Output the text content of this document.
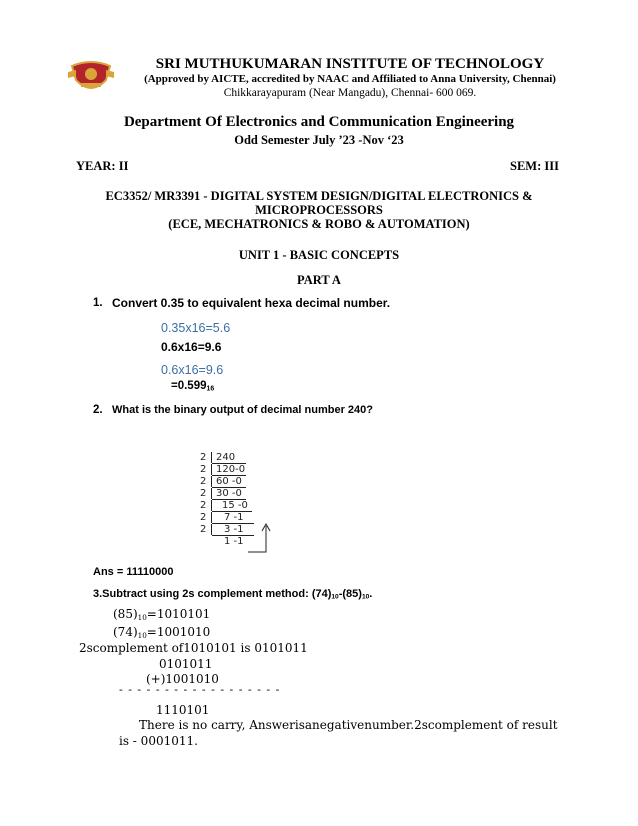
SRI MUTHUKUMARAN INSTITUTE OF TECHNOLOGY

(Approved by AICTE, accredited by NAAC and Affiliated to Anna University, Chennai)

Chikkarayapuram (Near Mangadu), Chennai- 600 069.

Department Of Electronics and Communication Engineering

Odd Semester July ’23 -Nov ‘23

YEAR: II	SEM: III

EC3352/ MR3391 - DIGITAL SYSTEM DESIGN/DIGITAL ELECTRONICS &

MICROPROCESSORS

(ECE, MECHATRONICS & ROBO & AUTOMATION)

UNIT 1 - BASIC CONCEPTS

PART A

1. Convert 0.35 to equivalent hexa decimal number.

0.35x16=5.6

0.6x16=9.6

0.6x16=9.6

$=0.599_{16}$

2. What is the binary output of decimal number 240?

2 240
2 120-0
2 60 -0
2 30 -0
2 15 -0
2 7 -1
2 3 -1
1 -1

Ans = 11110000

3.Subtract using 2s complement method: $(74)_{10}-(85)_{10}$.

$(85)_{10}=1010101$

$(74)_{10}=1001010$

2scomplement of1010101 is 0101011

0101011

(+)1001010

- - - - - - - - - - - - - - - - - -

1110101

There is no carry, Answerisanegativenumber.2scomplement of result

is - 0001011.
